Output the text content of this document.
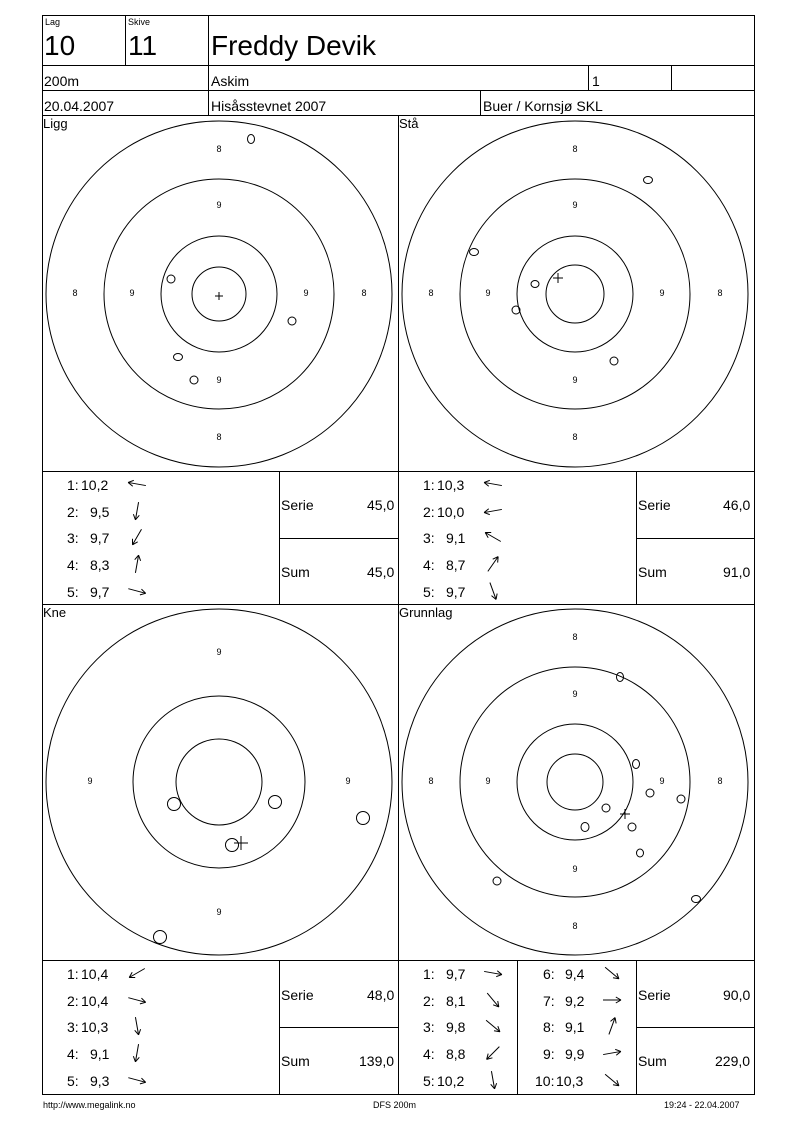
Lag
10
Skive
11 Freddy Devik
200m	Askim	1
20.04.2007	Hisåsstevnet 2007	Buer / Kornsjø SKL
Ligg	Stå
Kne	Grunnlag
8
9
9
8
8	9	9	8
8
9
9
8
8	9	9	8
9
9
9	9
8
9
9
8
8	9	9	8
1: 10,2
2: 9,5
3: 9,7
4: 8,3
5: 9,7
Serie	45,0
Sum	45,0
1: 10,3
2: 10,0
3: 9,1
4: 8,7
5: 9,7
Serie	46,0
Sum	91,0
1: 10,4
2: 10,4
3: 10,3
4: 9,1
5: 9,3
Serie	48,0
Sum	139,0
1: 9,7
2: 8,1
3: 9,8
4: 8,8
5: 10,2
6: 9,4
7: 9,2
8: 9,1
9: 9,9
10: 10,3
Serie	90,0
Sum	229,0
http://www.megalink.no	DFS 200m	19:24 - 22.04.2007
